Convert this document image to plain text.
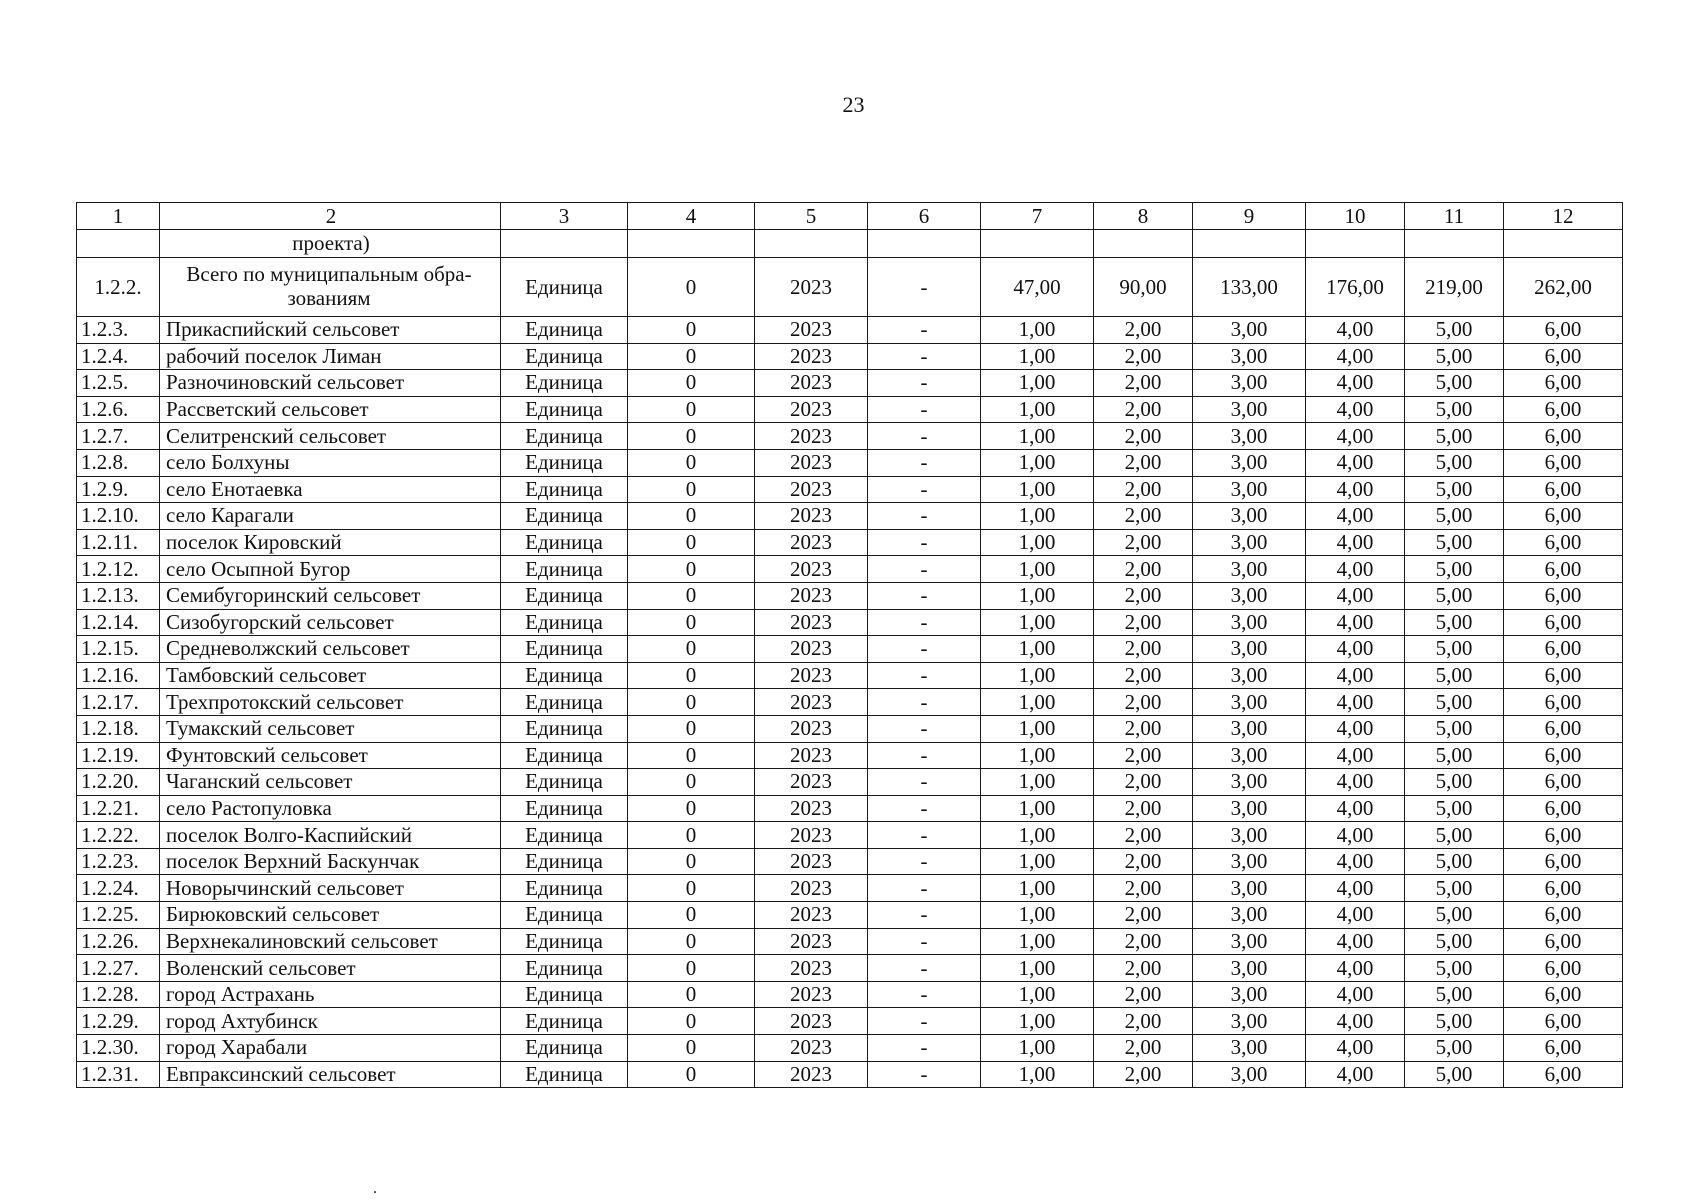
23
1	2	3	4	5	6	7	8	9	10	11	12
	проекта)										
1.2.2.	Всего по муниципальным обра-зованиям	Единица	0	2023	-	47,00	90,00	133,00	176,00	219,00	262,00
1.2.3.	Прикаспийский сельсовет	Единица	0	2023	-	1,00	2,00	3,00	4,00	5,00	6,00
1.2.4.	рабочий поселок Лиман	Единица	0	2023	-	1,00	2,00	3,00	4,00	5,00	6,00
1.2.5.	Разночиновский сельсовет	Единица	0	2023	-	1,00	2,00	3,00	4,00	5,00	6,00
1.2.6.	Рассветский сельсовет	Единица	0	2023	-	1,00	2,00	3,00	4,00	5,00	6,00
1.2.7.	Селитренский сельсовет	Единица	0	2023	-	1,00	2,00	3,00	4,00	5,00	6,00
1.2.8.	село Болхуны	Единица	0	2023	-	1,00	2,00	3,00	4,00	5,00	6,00
1.2.9.	село Енотаевка	Единица	0	2023	-	1,00	2,00	3,00	4,00	5,00	6,00
1.2.10.	село Карагали	Единица	0	2023	-	1,00	2,00	3,00	4,00	5,00	6,00
1.2.11.	поселок Кировский	Единица	0	2023	-	1,00	2,00	3,00	4,00	5,00	6,00
1.2.12.	село Осыпной Бугор	Единица	0	2023	-	1,00	2,00	3,00	4,00	5,00	6,00
1.2.13.	Семибугоринский сельсовет	Единица	0	2023	-	1,00	2,00	3,00	4,00	5,00	6,00
1.2.14.	Сизобугорский сельсовет	Единица	0	2023	-	1,00	2,00	3,00	4,00	5,00	6,00
1.2.15.	Средневолжский сельсовет	Единица	0	2023	-	1,00	2,00	3,00	4,00	5,00	6,00
1.2.16.	Тамбовский сельсовет	Единица	0	2023	-	1,00	2,00	3,00	4,00	5,00	6,00
1.2.17.	Трехпротокский сельсовет	Единица	0	2023	-	1,00	2,00	3,00	4,00	5,00	6,00
1.2.18.	Тумакский сельсовет	Единица	0	2023	-	1,00	2,00	3,00	4,00	5,00	6,00
1.2.19.	Фунтовский сельсовет	Единица	0	2023	-	1,00	2,00	3,00	4,00	5,00	6,00
1.2.20.	Чаганский сельсовет	Единица	0	2023	-	1,00	2,00	3,00	4,00	5,00	6,00
1.2.21.	село Растопуловка	Единица	0	2023	-	1,00	2,00	3,00	4,00	5,00	6,00
1.2.22.	поселок Волго-Каспийский	Единица	0	2023	-	1,00	2,00	3,00	4,00	5,00	6,00
1.2.23.	поселок Верхний Баскунчак	Единица	0	2023	-	1,00	2,00	3,00	4,00	5,00	6,00
1.2.24.	Новорычинский сельсовет	Единица	0	2023	-	1,00	2,00	3,00	4,00	5,00	6,00
1.2.25.	Бирюковский сельсовет	Единица	0	2023	-	1,00	2,00	3,00	4,00	5,00	6,00
1.2.26.	Верхнекалиновский сельсовет	Единица	0	2023	-	1,00	2,00	3,00	4,00	5,00	6,00
1.2.27.	Воленский сельсовет	Единица	0	2023	-	1,00	2,00	3,00	4,00	5,00	6,00
1.2.28.	город Астрахань	Единица	0	2023	-	1,00	2,00	3,00	4,00	5,00	6,00
1.2.29.	город Ахтубинск	Единица	0	2023	-	1,00	2,00	3,00	4,00	5,00	6,00
1.2.30.	город Харабали	Единица	0	2023	-	1,00	2,00	3,00	4,00	5,00	6,00
1.2.31.	Евпраксинский сельсовет	Единица	0	2023	-	1,00	2,00	3,00	4,00	5,00	6,00
.
